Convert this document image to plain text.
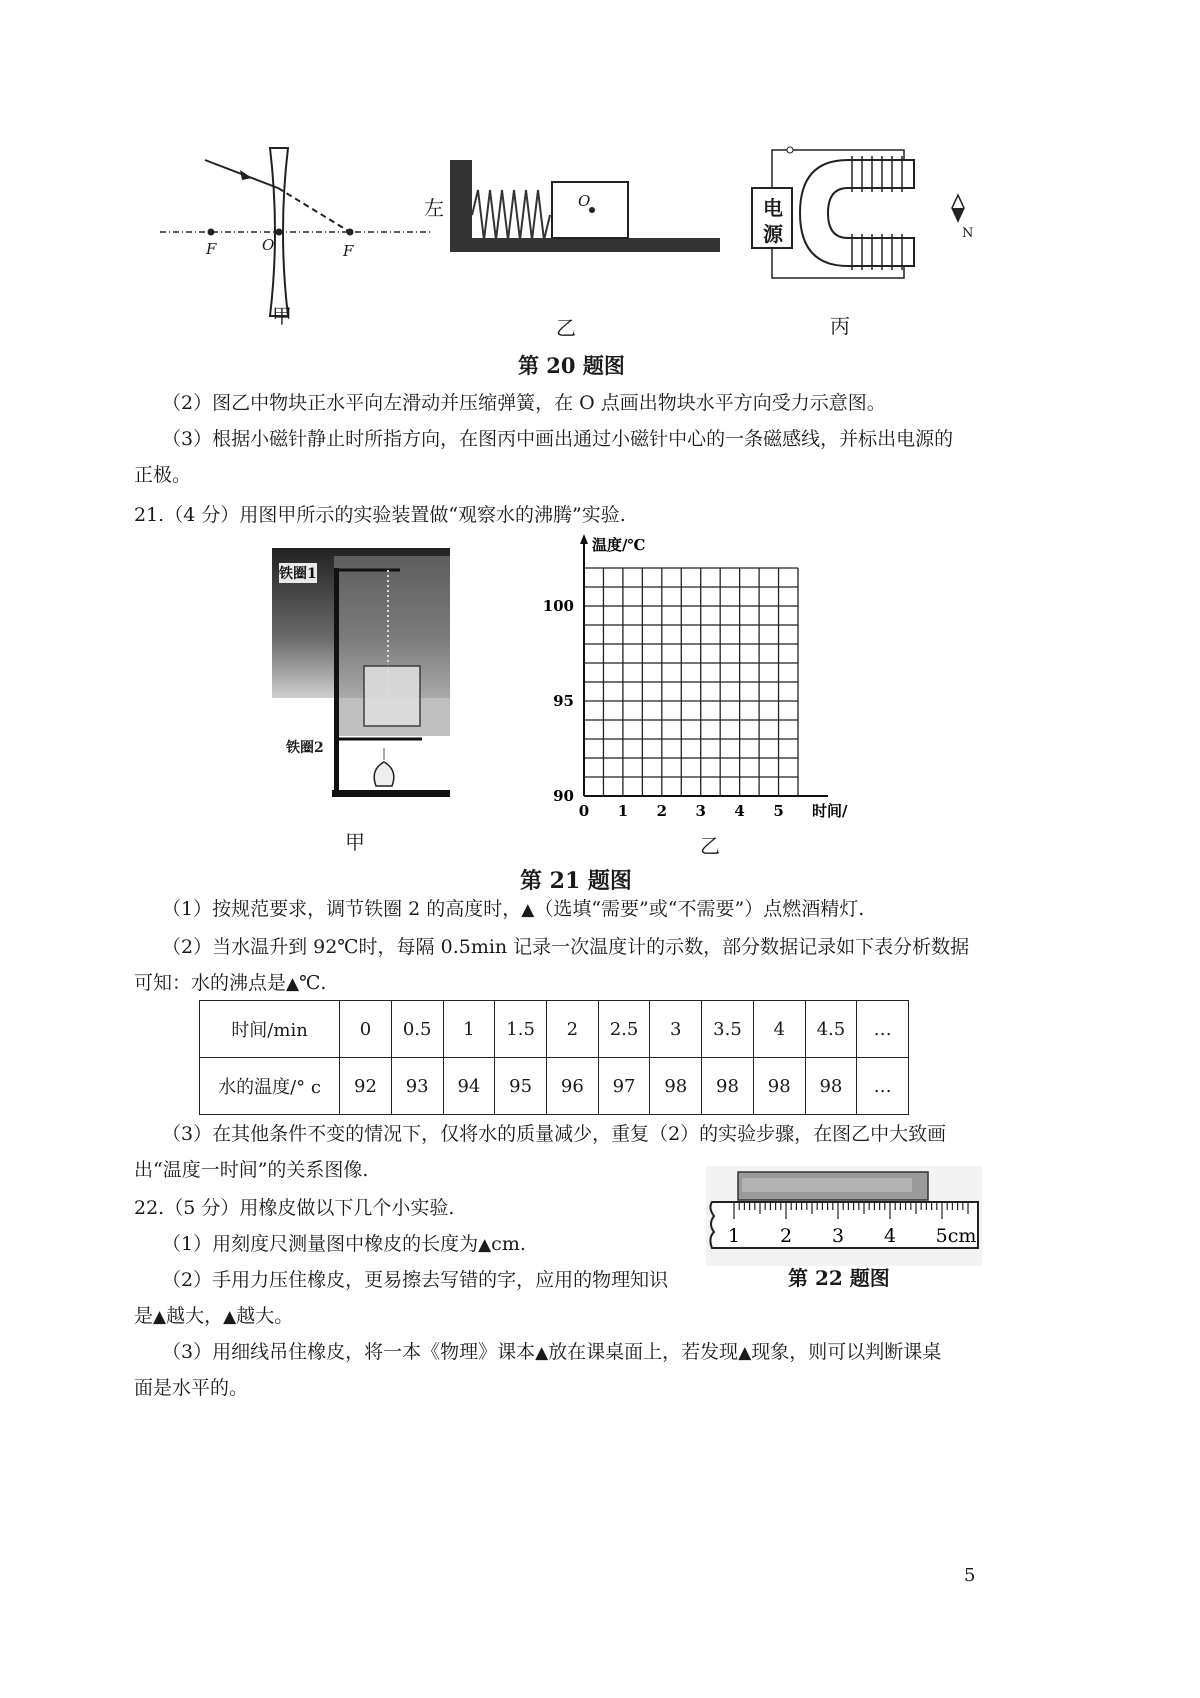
F	O	F
甲
左	O
乙
电
源	N
丙
第 20 题图
（2）图乙中物块正水平向左滑动并压缩弹簧，在 O 点画出物块水平方向受力示意图。
（3）根据小磁针静止时所指方向，在图丙中画出通过小磁针中心的一条磁感线，并标出电源的
正极。
21.（4 分）用图甲所示的实验装置做“观察水的沸腾”实验.
铁圈1
铁圈2
甲
温度/℃
时间/
0 1 2 3 4 5
90
95
100
乙
第 21 题图
（1）按规范要求，调节铁圈 2 的高度时，▲（选填“需要”或“不需要”）点燃酒精灯.
（2）当水温升到 92℃时，每隔 0.5min 记录一次温度计的示数，部分数据记录如下表分析数据
可知：水的沸点是▲℃.
时间/min	0	0.5	1	1.5	2	2.5	3	3.5	4	4.5	…
水的温度/° c	92	93	94	95	96	97	98	98	98	98	…
（3）在其他条件不变的情况下，仅将水的质量减少，重复（2）的实验步骤，在图乙中大致画
出“温度一时间”的关系图像.
22.（5 分）用橡皮做以下几个小实验.
（1）用刻度尺测量图中橡皮的长度为▲cm.
（2）手用力压住橡皮，更易擦去写错的字，应用的物理知识
是▲越大，▲越大。
（3）用细线吊住橡皮，将一本《物理》课本▲放在课桌面上，若发现▲现象，则可以判断课桌
面是水平的。
1 2 3 4 5cm
第 22 题图
5
